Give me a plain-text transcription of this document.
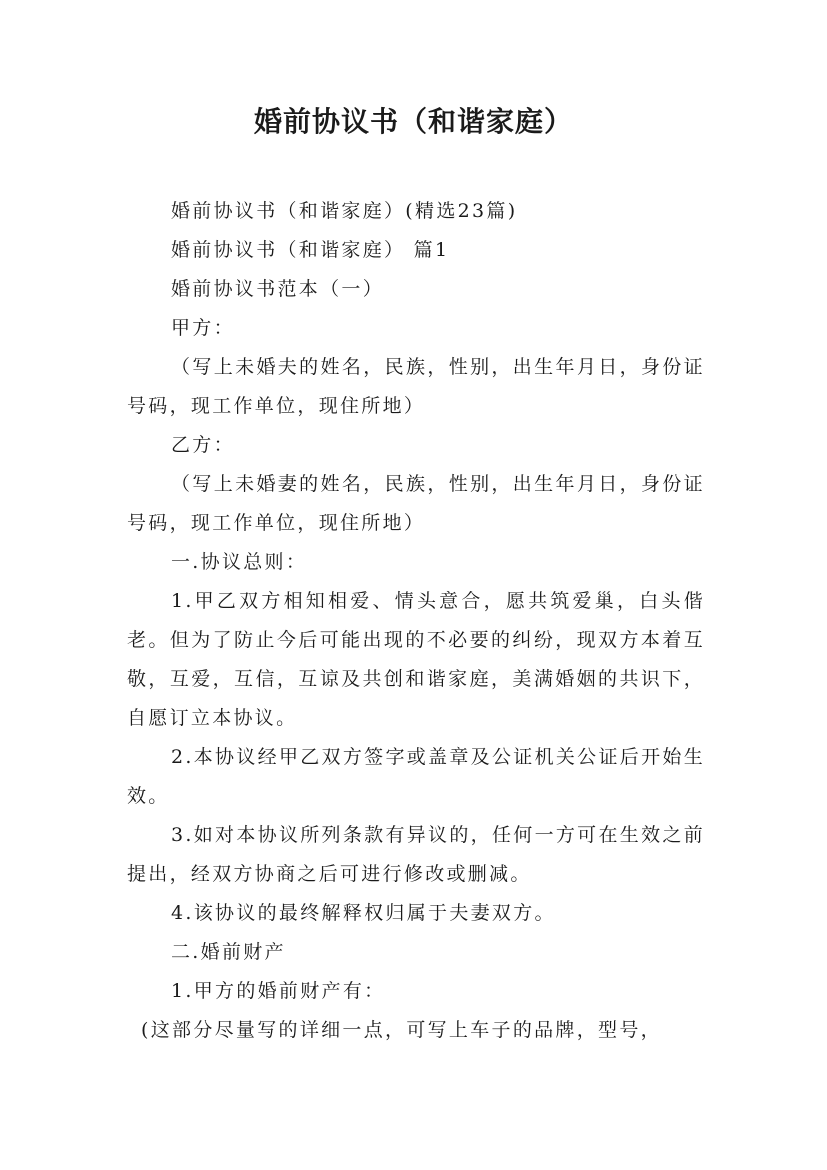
婚前协议书（和谐家庭）

婚前协议书（和谐家庭）(精选23篇)

婚前协议书（和谐家庭） 篇1

婚前协议书范本（一）

甲方：

（写上未婚夫的姓名，民族，性别，出生年月日，身份证号码，现工作单位，现住所地）

乙方：

（写上未婚妻的姓名，民族，性别，出生年月日，身份证号码，现工作单位，现住所地）

一.协议总则：

1.甲乙双方相知相爱、情头意合，愿共筑爱巢，白头偕老。但为了防止今后可能出现的不必要的纠纷，现双方本着互敬，互爱，互信，互谅及共创和谐家庭，美满婚姻的共识下，自愿订立本协议。

2.本协议经甲乙双方签字或盖章及公证机关公证后开始生效。

3.如对本协议所列条款有异议的，任何一方可在生效之前提出，经双方协商之后可进行修改或删减。

4.该协议的最终解释权归属于夫妻双方。

二.婚前财产

1.甲方的婚前财产有：

(这部分尽量写的详细一点，可写上车子的品牌，型号，
